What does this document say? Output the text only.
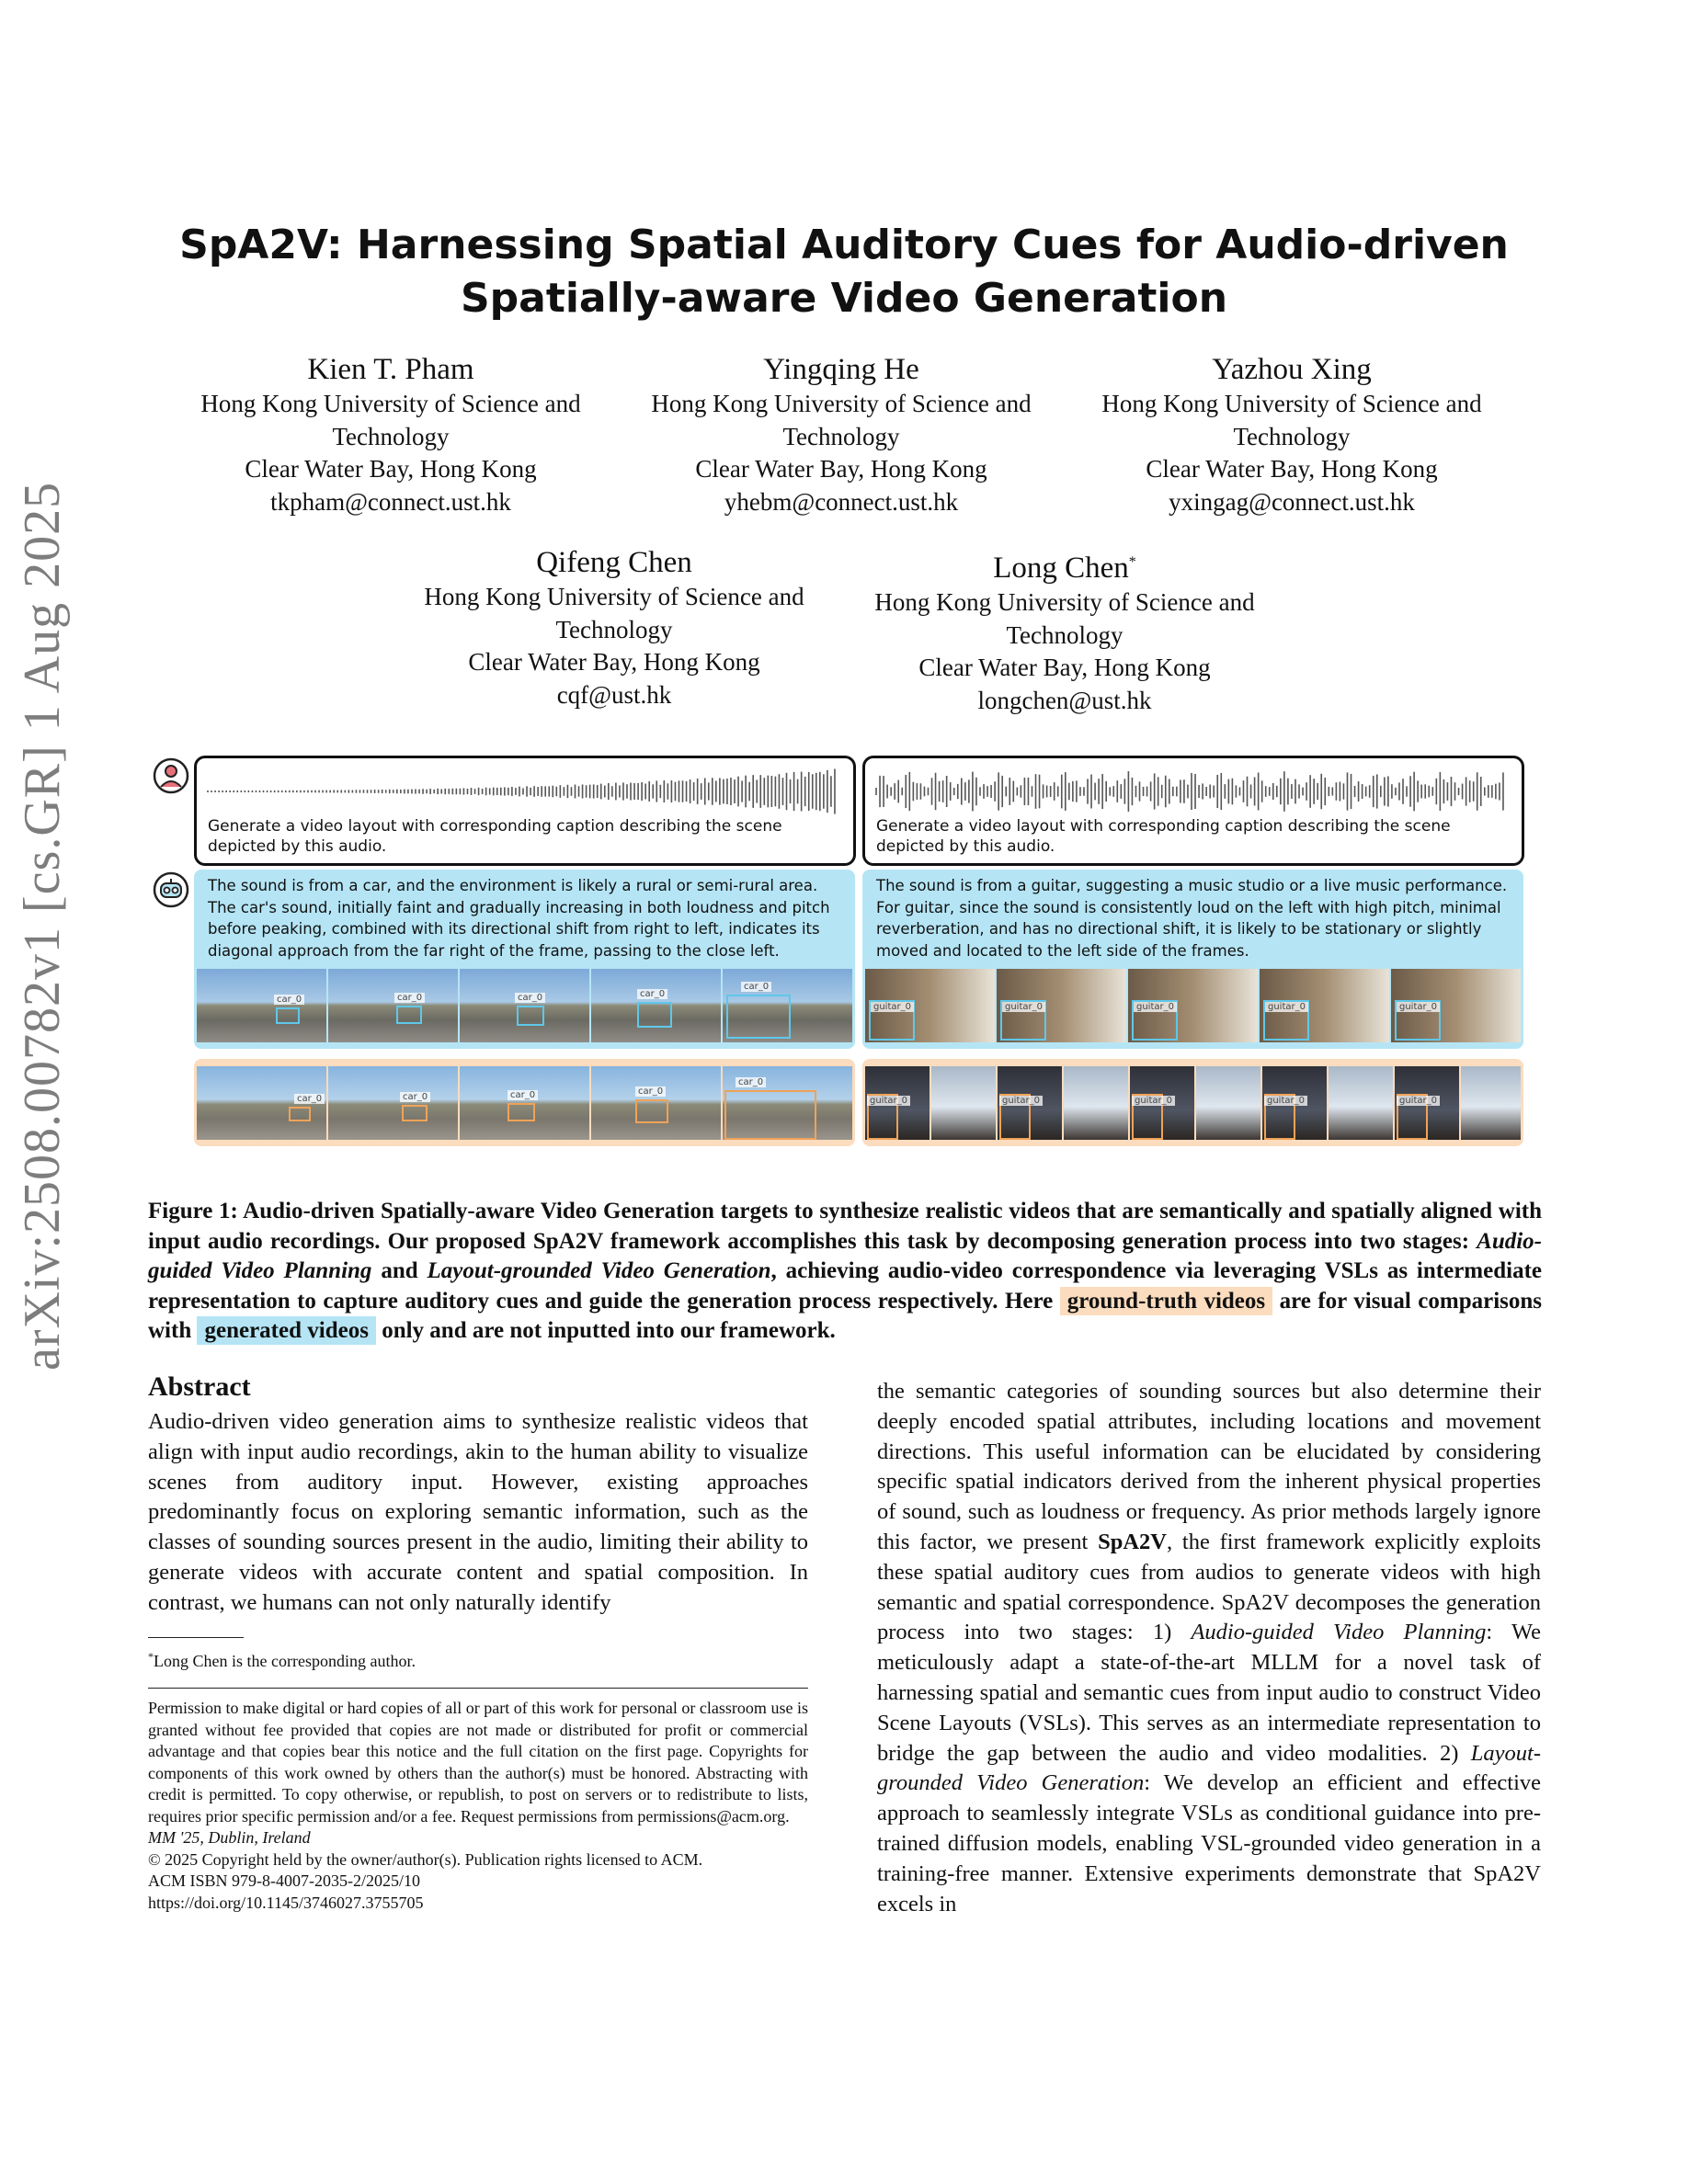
arXiv:2508.00782v1 [cs.GR] 1 Aug 2025
SpA2V: Harnessing Spatial Auditory Cues for Audio-driven
Spatially-aware Video Generation
Kien T. Pham
Hong Kong University of Science and
Technology
Clear Water Bay, Hong Kong
tkpham@connect.ust.hk
Yingqing He
Hong Kong University of Science and
Technology
Clear Water Bay, Hong Kong
yhebm@connect.ust.hk
Yazhou Xing
Hong Kong University of Science and
Technology
Clear Water Bay, Hong Kong
yxingag@connect.ust.hk
Qifeng Chen
Hong Kong University of Science and
Technology
Clear Water Bay, Hong Kong
cqf@ust.hk
Long Chen*
Hong Kong University of Science and
Technology
Clear Water Bay, Hong Kong
longchen@ust.hk
Generate a video layout with corresponding caption describing the scene depicted by this audio.
Generate a video layout with corresponding caption describing the scene depicted by this audio.
The sound is from a car, and the environment is likely a rural or semi-rural area.
The car's sound, initially faint and gradually increasing in both loudness and pitch
before peaking, combined with its directional shift from right to left, indicates its
diagonal approach from the far right of the frame, passing to the close left.
car_0	car_0	car_0	car_0
car_0
The sound is from a guitar, suggesting a music studio or a live music performance.
For guitar, since the sound is consistently loud on the left with high pitch, minimal
reverberation, and has no directional shift, it is likely to be stationary or slightly
moved and located to the left side of the frames.
guitar_0	guitar_0	guitar_0	guitar_0	guitar_0
car_0	car_0	car_0	car_0
car_0
guitar_0	guitar_0	guitar_0	guitar_0	guitar_0
Figure 1: Audio-driven Spatially-aware Video Generation targets to synthesize realistic videos that are semantically and spatially aligned with input audio recordings. Our proposed SpA2V framework accomplishes this task by decomposing generation process into two stages: Audio-guided Video Planning and Layout-grounded Video Generation, achieving audio-video correspondence via leveraging VSLs as intermediate representation to capture auditory cues and guide the generation process respectively. Here ground-truth videos are for visual comparisons with generated videos only and are not inputted into our framework.
Abstract

Audio-driven video generation aims to synthesize realistic videos that align with input audio recordings, akin to the human ability to visualize scenes from auditory input. However, existing approaches predominantly focus on exploring semantic information, such as the classes of sounding sources present in the audio, limiting their ability to generate videos with accurate content and spatial composition. In contrast, we humans can not only naturally identify

*Long Chen is the corresponding author.
Permission to make digital or hard copies of all or part of this work for personal or classroom use is granted without fee provided that copies are not made or distributed for profit or commercial advantage and that copies bear this notice and the full citation on the first page. Copyrights for components of this work owned by others than the author(s) must be honored. Abstracting with credit is permitted. To copy otherwise, or republish, to post on servers or to redistribute to lists, requires prior specific permission and/or a fee. Request permissions from permissions@acm.org.
MM '25, Dublin, Ireland
© 2025 Copyright held by the owner/author(s). Publication rights licensed to ACM.
ACM ISBN 979-8-4007-2035-2/2025/10
https://doi.org/10.1145/3746027.3755705

the semantic categories of sounding sources but also determine their deeply encoded spatial attributes, including locations and movement directions. This useful information can be elucidated by considering specific spatial indicators derived from the inherent physical properties of sound, such as loudness or frequency. As prior methods largely ignore this factor, we present SpA2V, the first framework explicitly exploits these spatial auditory cues from audios to generate videos with high semantic and spatial correspondence. SpA2V decomposes the generation process into two stages: 1) Audio-guided Video Planning: We meticulously adapt a state-of-the-art MLLM for a novel task of harnessing spatial and semantic cues from input audio to construct Video Scene Layouts (VSLs). This serves as an intermediate representation to bridge the gap between the audio and video modalities. 2) Layout-grounded Video Generation: We develop an efficient and effective approach to seamlessly integrate VSLs as conditional guidance into pre-trained diffusion models, enabling VSL-grounded video generation in a training-free manner. Extensive experiments demonstrate that SpA2V excels in
